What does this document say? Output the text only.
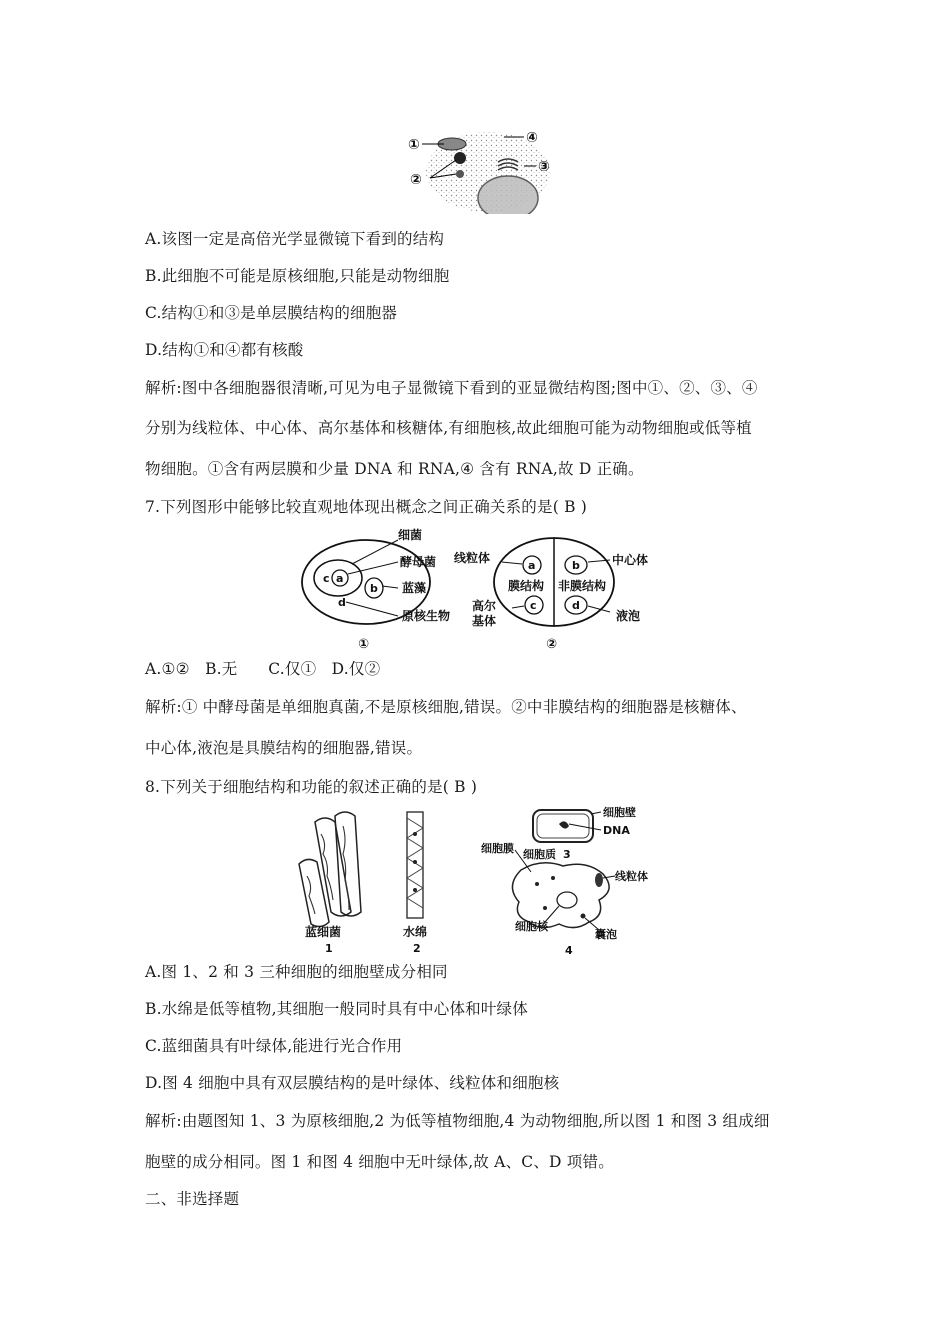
①
②
③
④
A.该图一定是高倍光学显微镜下看到的结构
B.此细胞不可能是原核细胞,只能是动物细胞
C.结构①和③是单层膜结构的细胞器
D.结构①和④都有核酸
解析:图中各细胞器很清晰,可见为电子显微镜下看到的亚显微结构图;图中①、②、③、④
分别为线粒体、中心体、高尔基体和核糖体,有细胞核,故此细胞可能为动物细胞或低等植
物细胞。①含有两层膜和少量 DNA 和 RNA,④ 含有 RNA,故 D 正确。
7.下列图形中能够比较直观地体现出概念之间正确关系的是( B )
c a
b
d
细菌
酵母菌
蓝藻
原核生物
①
a
c
b
d
膜结构 非膜结构
线粒体
高尔
基体
中心体
液泡
②
A.①②   B.无      C.仅①   D.仅②
解析:① 中酵母菌是单细胞真菌,不是原核细胞,错误。②中非膜结构的细胞器是核糖体、
中心体,液泡是具膜结构的细胞器,错误。
8.下列关于细胞结构和功能的叙述正确的是( B )
蓝细菌
1
水绵
2
细胞壁
DNA
细胞膜 细胞质 3
线粒体
细胞核
囊泡
4
A.图 1、2 和 3 三种细胞的细胞壁成分相同
B.水绵是低等植物,其细胞一般同时具有中心体和叶绿体
C.蓝细菌具有叶绿体,能进行光合作用
D.图 4 细胞中具有双层膜结构的是叶绿体、线粒体和细胞核
解析:由题图知 1、3 为原核细胞,2 为低等植物细胞,4 为动物细胞,所以图 1 和图 3 组成细
胞壁的成分相同。图 1 和图 4 细胞中无叶绿体,故 A、C、D 项错。
二、非选择题
